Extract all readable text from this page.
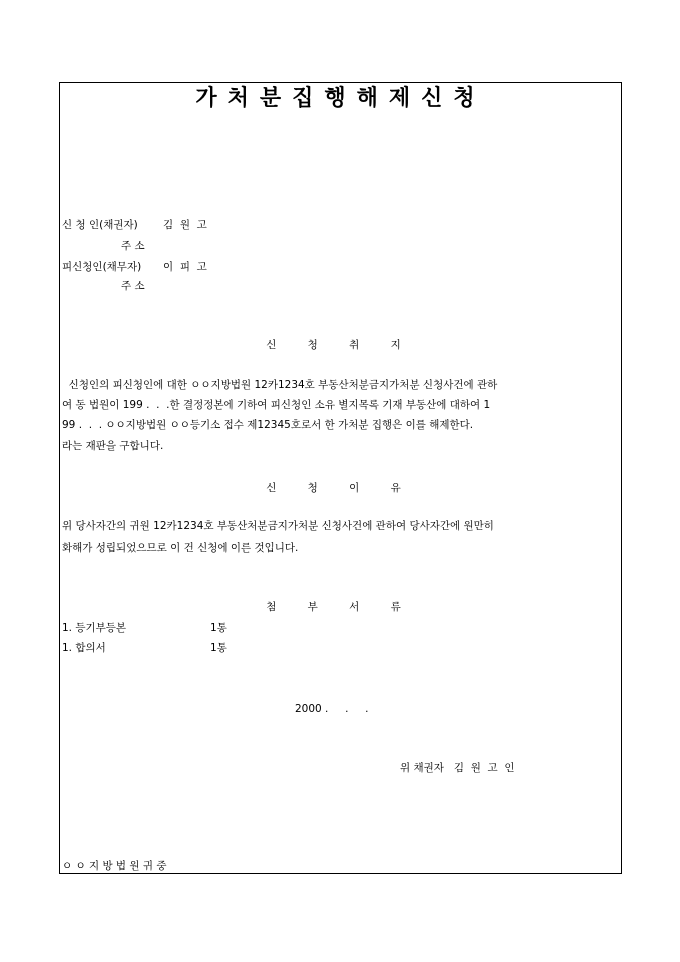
가처분집행해제신청
신 청 인(채권자) 김  원  고
주 소
피신청인(채무자) 이  피  고
주 소
신 청 취 지
신청인의 피신청인에 대한 ㅇㅇ지방법원 12카1234호 부동산처분금지가처분 신청사건에 관하
여 동 법원이 199 .  .  .한 결정정본에 기하여 피신청인 소유 별지목록 기재 부동산에 대하여 1
99 .  .  . ㅇㅇ지방법원 ㅇㅇ등기소 접수 제12345호로서 한 가처분 집행은 이를 해제한다.
라는 재판을 구합니다.
신 청 이 유
위 당사자간의 귀원 12카1234호 부동산처분금지가처분 신청사건에 관하여 당사자간에 원만히
화해가 성립되었으므로 이 건 신청에 이른 것입니다.
첨 부 서 류
1. 등기부등본	1통
1. 합의서	1통
2000 .     .     .
위 채권자   김  원  고  인
ㅇ ㅇ 지 방 법 원 귀 중
